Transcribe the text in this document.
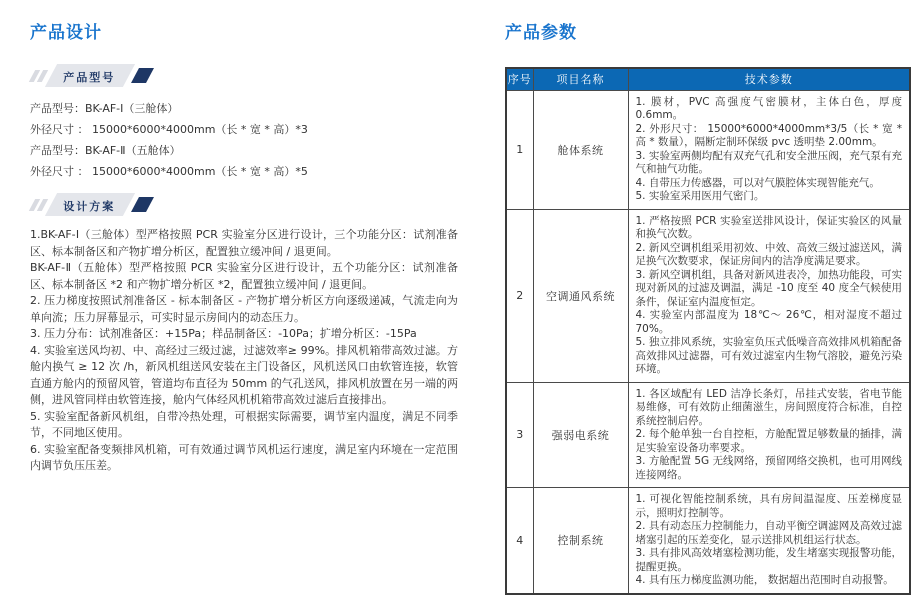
产品设计
产品型号
产品型号：BK-AF-Ⅰ（三舱体）
外径尺寸 ： 15000*6000*4000mm（长 * 宽 * 高）*3
产品型号：BK-AF-Ⅱ（五舱体）
外径尺寸 ： 15000*6000*4000mm（长 * 宽 * 高）*5
设计方案

1.BK-AF-Ⅰ（三舱体）型严格按照 PCR 实验室分区进行设计，三个功能分区：试剂准备区、标本制备区和产物扩增分析区，配置独立缓冲间 / 退更间。

BK-AF-Ⅱ（五舱体）型严格按照 PCR 实验室分区进行设计，五个功能分区：试剂准备区、标本制备区 *2 和产物扩增分析区 *2，配置独立缓冲间 / 退更间。

2. 压力梯度按照试剂准备区 - 标本制备区 - 产物扩增分析区方向逐级递减，气流走向为单向流；压力屏幕显示，可实时显示房间内的动态压力。

3. 压力分布：试剂准备区：+15Pa；样品制备区：-10Pa；扩增分析区：-15Pa

4. 实验室送风均初、中、高经过三级过滤，过滤效率≥ 99%。排风机箱带高效过滤。方舱内换气 ≥ 12 次 /h，新风机组送风安装在主门设备区，风机送风口由软管连接，软管直通方舱内的预留风管，管道均布直径为 50mm 的气孔送风，排风机放置在另一端的两侧，进风管同样由软管连接，舱内气体经风机机箱带高效过滤后直接排出。

5. 实验室配备新风机组，自带冷热处理，可根据实际需要，调节室内温度，满足不同季节，不同地区使用。

6. 实验室配备变频排风机箱，可有效通过调节风机运行速度，满足室内环境在一定范围内调节负压压差。

产品参数
序号	项目名称	技术参数
1	舱体系统	1. 膜材，PVC 高强度气密膜材，主体白色，厚度 0.6mm。
2. 外形尺寸： 15000*6000*4000mm*3/5（长 * 宽 * 高 * 数量），隔断定制环保级 pvc 透明垫 2.00mm。
3. 实验室两侧均配有双充气孔和安全泄压阀，充气泵有充气和抽气功能。
4. 自带压力传感器，可以对气膜腔体实现智能充气。
5. 实验室采用医用气密门。
2	空调通风系统	1. 严格按照 PCR 实验室送排风设计，保证实验区的风量和换气次数。
2. 新风空调机组采用初效、中效、高效三级过滤送风，满足换气次数要求，保证房间内的洁净度满足要求。
3. 新风空调机组，具备对新风进表冷，加热功能段，可实现对新风的过滤及调温，满足 -10 度至 40 度全气候使用条件，保证室内温度恒定。
4. 实验室内部温度为 18℃～ 26℃，相对湿度不超过 70%。
5. 独立排风系统，实验室负压式低噪音高效排风机箱配备高效排风过滤器，可有效过滤室内生物气溶胶，避免污染环境。
3	强弱电系统	1. 各区域配有 LED 洁净长条灯，吊挂式安装，省电节能易维修，可有效防止细菌滋生，房间照度符合标准，自控系统控制启停。
2. 每个舱单独一台自控柜，方舱配置足够数量的插排，满足实验室设备功率要求。
3. 方舱配置 5G 无线网络，预留网络交换机，也可用网线连接网络。
4	控制系统	1. 可视化智能控制系统，具有房间温湿度、压差梯度显示，照明灯控制等。
2. 具有动态压力控制能力，自动平衡空调滤网及高效过滤堵塞引起的压差变化，显示送排风机组运行状态。
3. 具有排风高效堵塞检测功能，发生堵塞实现报警功能，提醒更换。
4. 具有压力梯度监测功能， 数据超出范围时自动报警。
